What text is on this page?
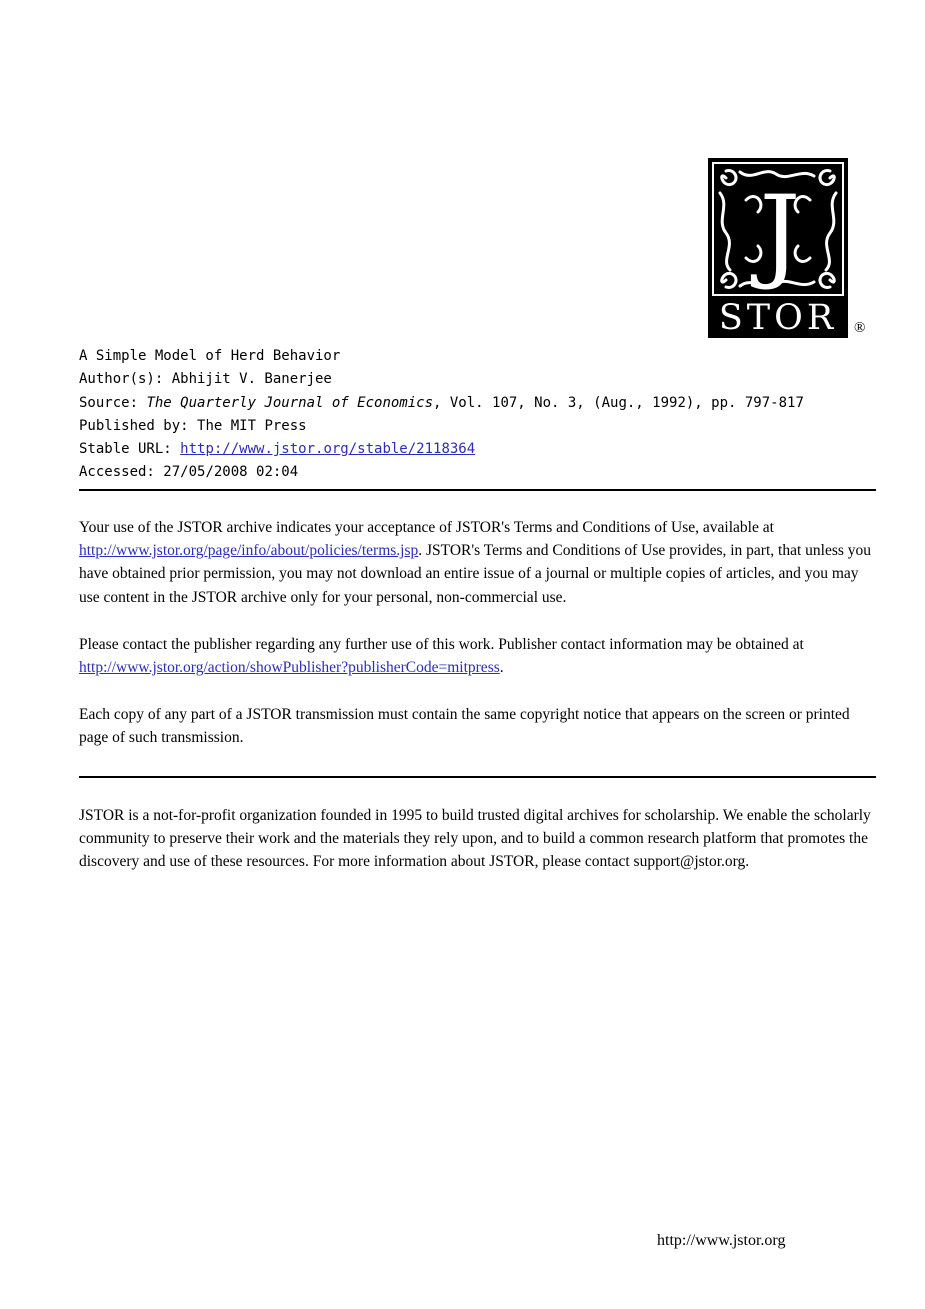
J
STOR ®
A Simple Model of Herd Behavior
Author(s): Abhijit V. Banerjee
Source: The Quarterly Journal of Economics, Vol. 107, No. 3, (Aug., 1992), pp. 797-817
Published by: The MIT Press
Stable URL: http://www.jstor.org/stable/2118364
Accessed: 27/05/2008 02:04

Your use of the JSTOR archive indicates your acceptance of JSTOR's Terms and Conditions of Use, available at http://www.jstor.org/page/info/about/policies/terms.jsp. JSTOR's Terms and Conditions of Use provides, in part, that unless you have obtained prior permission, you may not download an entire issue of a journal or multiple copies of articles, and you may use content in the JSTOR archive only for your personal, non-commercial use.

Please contact the publisher regarding any further use of this work. Publisher contact information may be obtained at http://www.jstor.org/action/showPublisher?publisherCode=mitpress.

Each copy of any part of a JSTOR transmission must contain the same copyright notice that appears on the screen or printed page of such transmission.

JSTOR is a not-for-profit organization founded in 1995 to build trusted digital archives for scholarship. We enable the scholarly community to preserve their work and the materials they rely upon, and to build a common research platform that promotes the discovery and use of these resources. For more information about JSTOR, please contact support@jstor.org.

http://www.jstor.org
